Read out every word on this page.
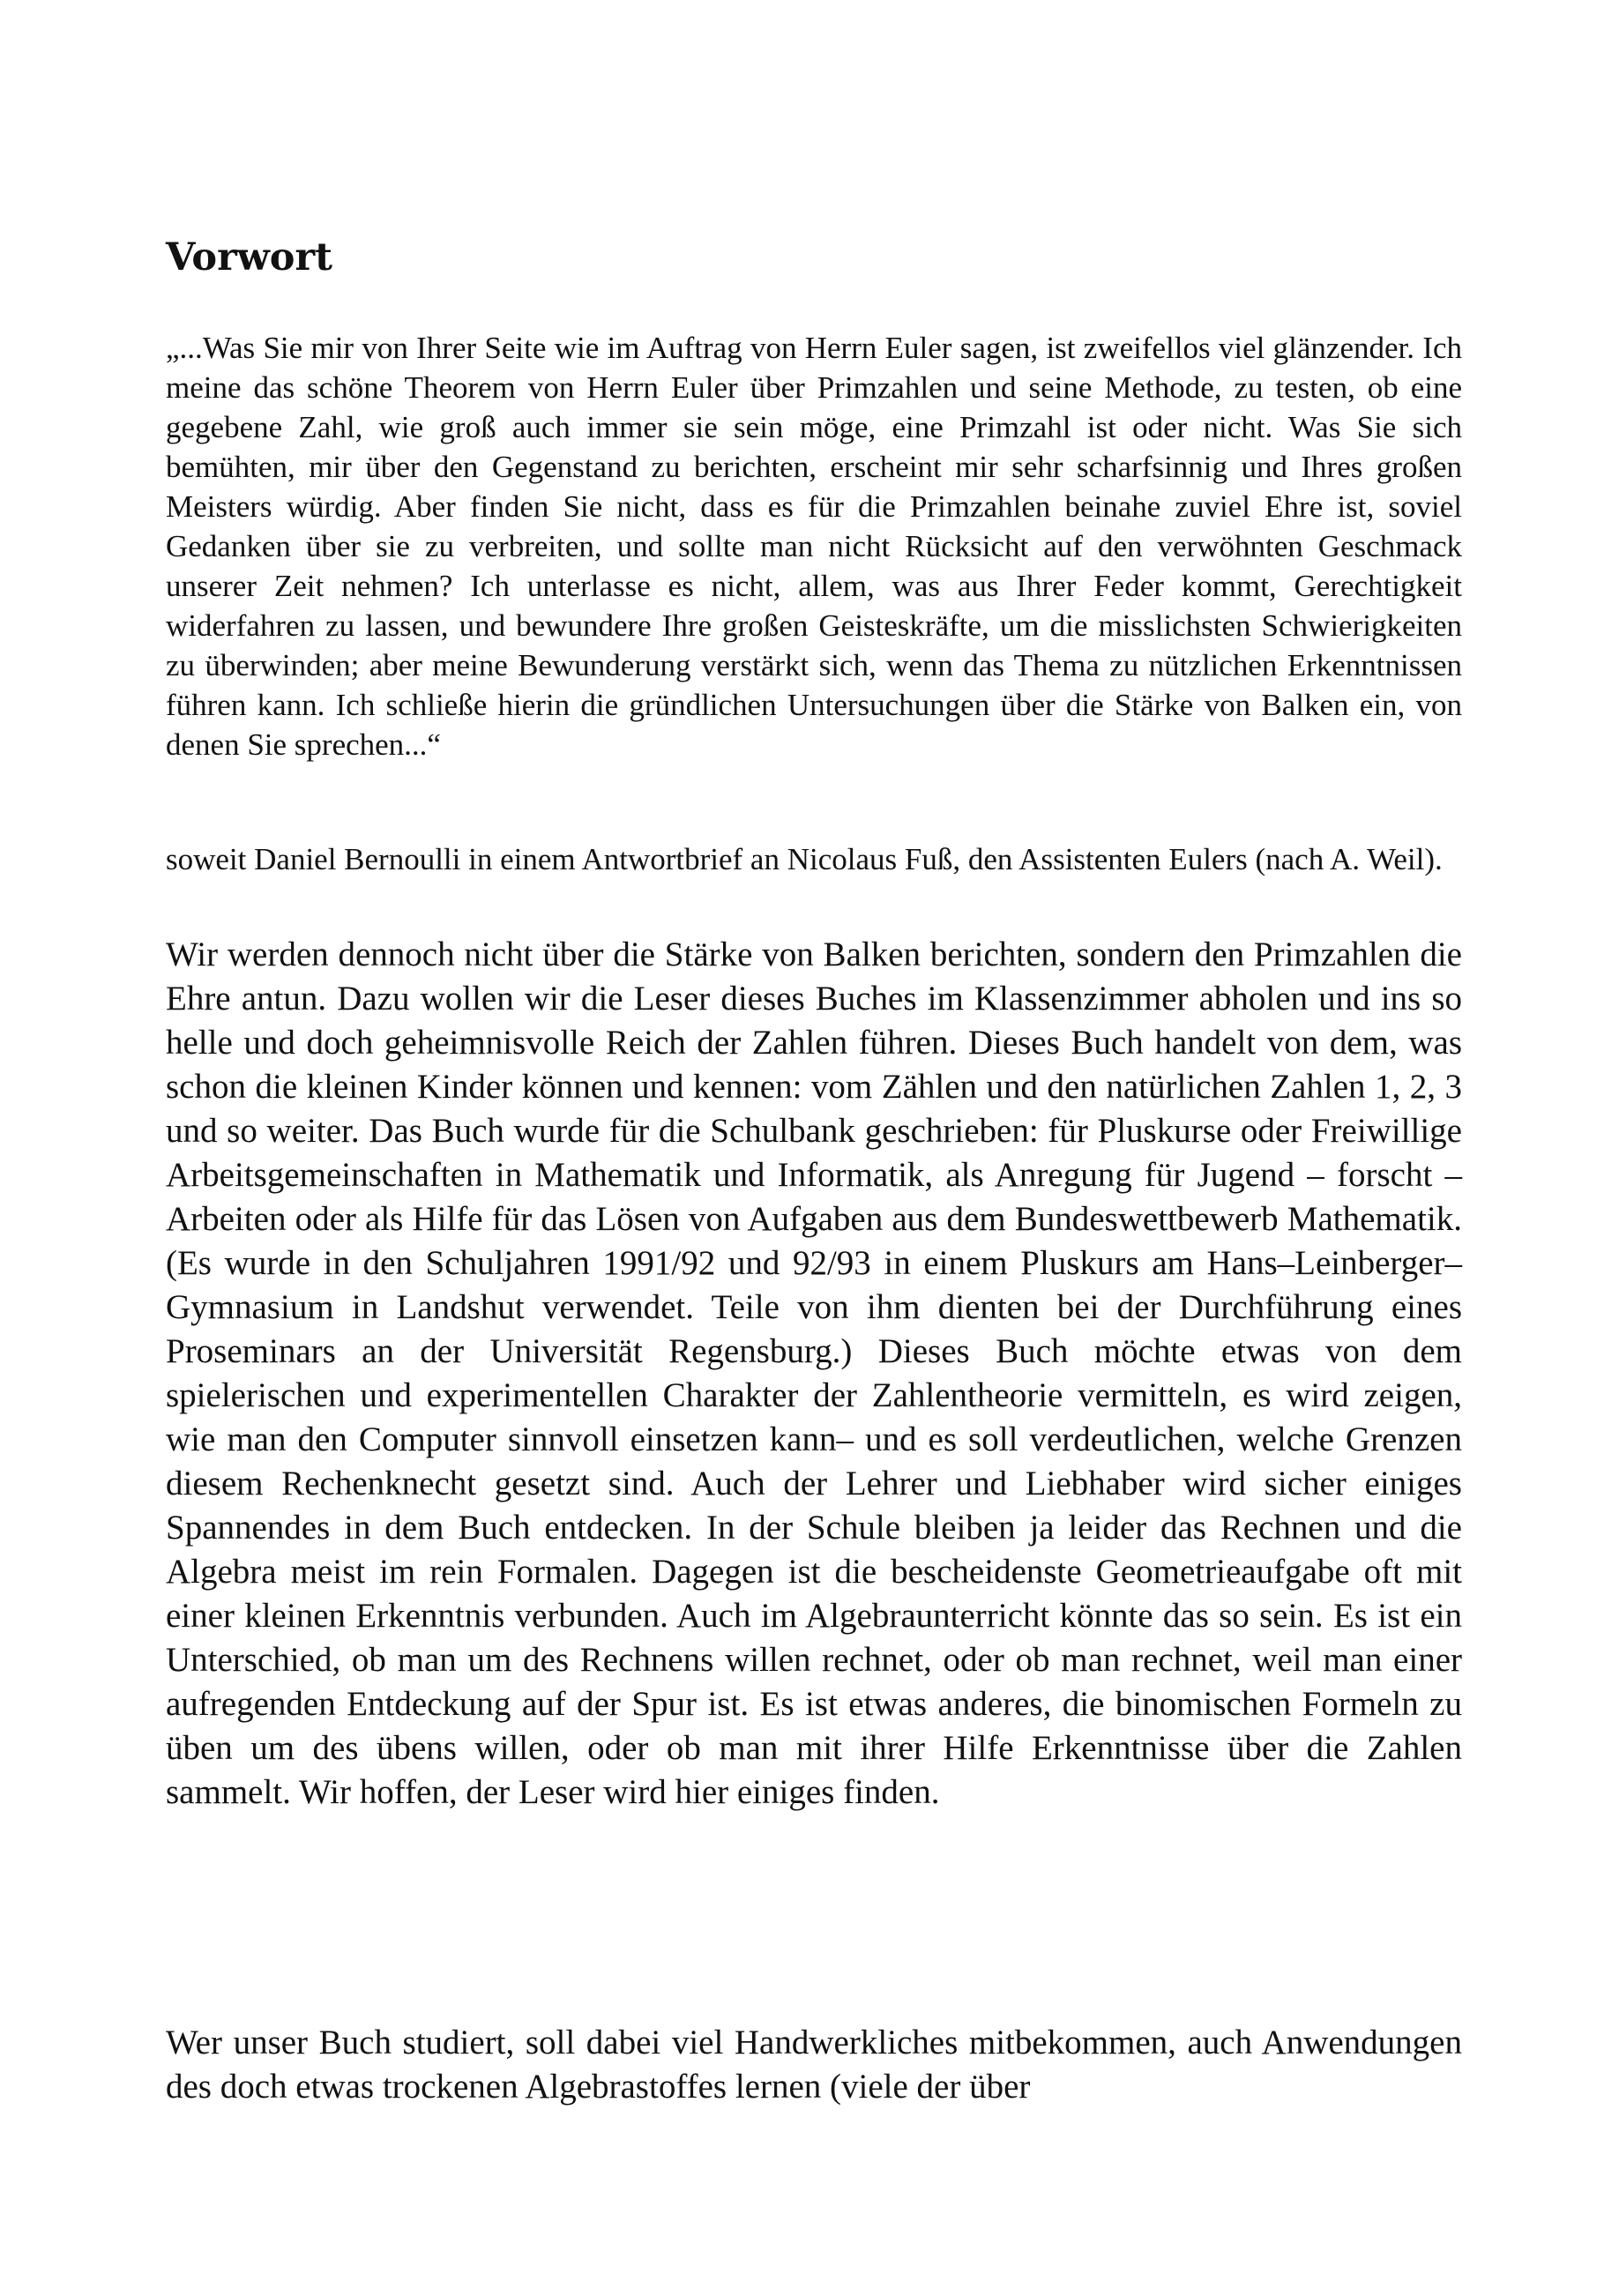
Vorwort

„...Was Sie mir von Ihrer Seite wie im Auftrag von Herrn Euler sagen, ist zweifellos viel glänzender. Ich meine das schöne Theorem von Herrn Euler über Primzahlen und seine Methode, zu testen, ob eine gegebene Zahl, wie groß auch immer sie sein möge, eine Primzahl ist oder nicht. Was Sie sich bemühten, mir über den Gegenstand zu berichten, erscheint mir sehr scharfsinnig und Ihres großen Meisters würdig. Aber finden Sie nicht, dass es für die Primzahlen beinahe zuviel Ehre ist, soviel Gedanken über sie zu verbreiten, und sollte man nicht Rücksicht auf den verwöhnten Geschmack unserer Zeit nehmen? Ich unterlasse es nicht, allem, was aus Ihrer Feder kommt, Gerechtigkeit widerfahren zu lassen, und bewundere Ihre großen Geisteskräfte, um die misslichsten Schwierigkeiten zu überwinden; aber meine Bewunderung verstärkt sich, wenn das Thema zu nützlichen Erkenntnissen führen kann. Ich schließe hierin die gründlichen Untersuchungen über die Stärke von Balken ein, von denen Sie sprechen...“

soweit Daniel Bernoulli in einem Antwortbrief an Nicolaus Fuß, den Assistenten Eulers (nach A. Weil).

Wir werden dennoch nicht über die Stärke von Balken berichten, sondern den Primzahlen die Ehre antun. Dazu wollen wir die Leser dieses Buches im Klassenzimmer abholen und ins so helle und doch geheimnisvolle Reich der Zahlen führen. Dieses Buch handelt von dem, was schon die kleinen Kinder können und kennen: vom Zählen und den natürlichen Zahlen 1, 2, 3 und so weiter. Das Buch wurde für die Schulbank geschrieben: für Pluskurse oder Freiwillige Arbeitsgemeinschaften in Mathematik und Informatik, als Anregung für Jugend – forscht – Arbeiten oder als Hilfe für das Lösen von Aufgaben aus dem Bundeswettbewerb Mathematik. (Es wurde in den Schuljahren 1991/92 und 92/93 in einem Pluskurs am Hans–Leinberger–Gymnasium in Landshut verwendet. Teile von ihm dienten bei der Durchführung eines Proseminars an der Universität Regensburg.) Dieses Buch möchte etwas von dem spielerischen und experimentellen Charakter der Zahlentheorie vermitteln, es wird zeigen, wie man den Computer sinnvoll einsetzen kann– und es soll verdeutlichen, welche Grenzen diesem Rechenknecht gesetzt sind. Auch der Lehrer und Liebhaber wird sicher einiges Spannendes in dem Buch entdecken. In der Schule bleiben ja leider das Rechnen und die Algebra meist im rein Formalen. Dagegen ist die bescheidenste Geometrieaufgabe oft mit einer kleinen Erkenntnis verbunden. Auch im Algebraunterricht könnte das so sein. Es ist ein Unterschied, ob man um des Rechnens willen rechnet, oder ob man rechnet, weil man einer aufregenden Entdeckung auf der Spur ist. Es ist etwas anderes, die binomischen Formeln zu üben um des übens willen, oder ob man mit ihrer Hilfe Erkenntnisse über die Zahlen sammelt. Wir hoffen, der Leser wird hier einiges finden.

Wer unser Buch studiert, soll dabei viel Handwerkliches mitbekommen, auch Anwendungen des doch etwas trockenen Algebrastoffes lernen (viele der über
